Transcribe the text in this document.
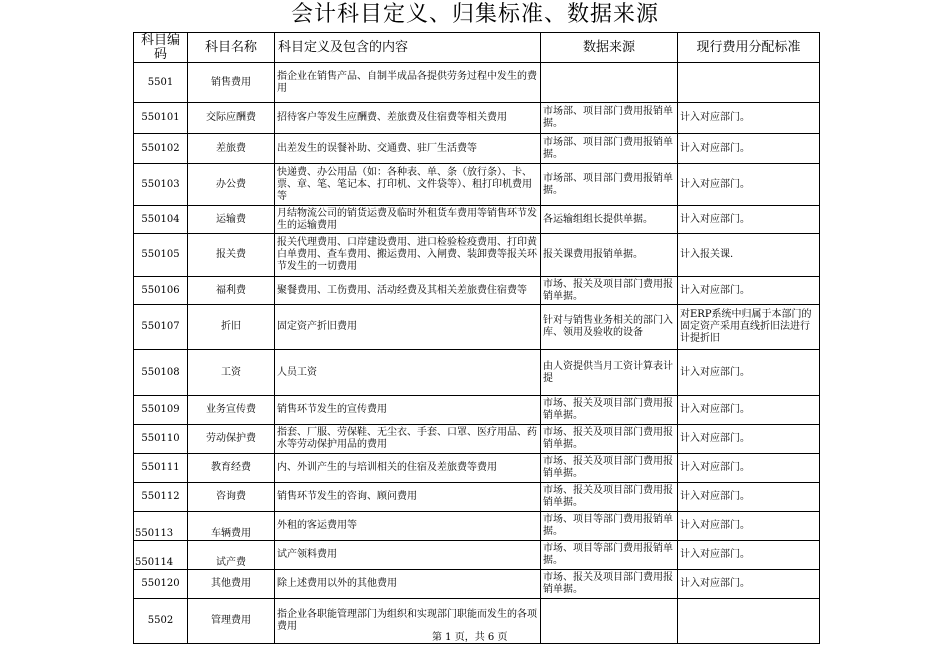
会计科目定义、归集标准、数据来源
科目编码	科目名称	科目定义及包含的内容	数据来源	现行费用分配标准
5501	销售费用	指企业在销售产品、自制半成品各提供劳务过程中发生的费用		
550101	交际应酬费	招待客户等发生应酬费、差旅费及住宿费等相关费用	市场部、项目部门费用报销单据。	计入对应部门。
550102	差旅费	出差发生的误餐补助、交通费、驻厂生活费等	市场部、项目部门费用报销单据。	计入对应部门。
550103	办公费	快递费、办公用品（如：各种表、单、条（放行条）、卡、票、章、笔、笔记本、打印机、文件袋等）、租打印机费用等	市场部、项目部门费用报销单据。	计入对应部门。
550104	运输费	月结物流公司的销货运费及临时外租货车费用等销售环节发生的运输费用	各运输组组长提供单据。	计入对应部门。
550105	报关费	报关代理费用、口岸建设费用、进口检验检疫费用、打印黄白单费用、查车费用、搬运费用、入闸费、装卸费等报关环节发生的一切费用	报关课费用报销单据。	计入报关课.
550106	福利费	聚餐费用、工伤费用、活动经费及其相关差旅费住宿费等	市场、报关及项目部门费用报销单据。	计入对应部门。
550107	折旧	固定资产折旧费用	针对与销售业务相关的部门入库、领用及验收的设备	对ERP系统中归属于本部门的固定资产采用直线折旧法进行计提折旧
550108	工资	人员工资	由人资提供当月工资计算表计提	计入对应部门。
550109	业务宣传费	销售环节发生的宣传费用	市场、报关及项目部门费用报销单据。	计入对应部门。
550110	劳动保护费	指套、厂服、劳保鞋、无尘衣、手套、口罩、医疗用品、药水等劳动保护用品的费用	市场、报关及项目部门费用报销单据。	计入对应部门。
550111	教育经费	内、外训产生的与培训相关的住宿及差旅费等费用	市场、报关及项目部门费用报销单据。	计入对应部门。
550112	咨询费	销售环节发生的咨询、顾问费用	市场、报关及项目部门费用报销单据。	计入对应部门。
550113	车辆费用	外租的客运费用等	市场、项目等部门费用报销单据。	计入对应部门。
550114	试产费	试产领料费用	市场、项目等部门费用报销单据。	计入对应部门。
550120	其他费用	除上述费用以外的其他费用	市场、报关及项目部门费用报销单据。	计入对应部门。
5502	管理费用	指企业各职能管理部门为组织和实现部门职能而发生的各项费用		
第 1 页，共 6 页
